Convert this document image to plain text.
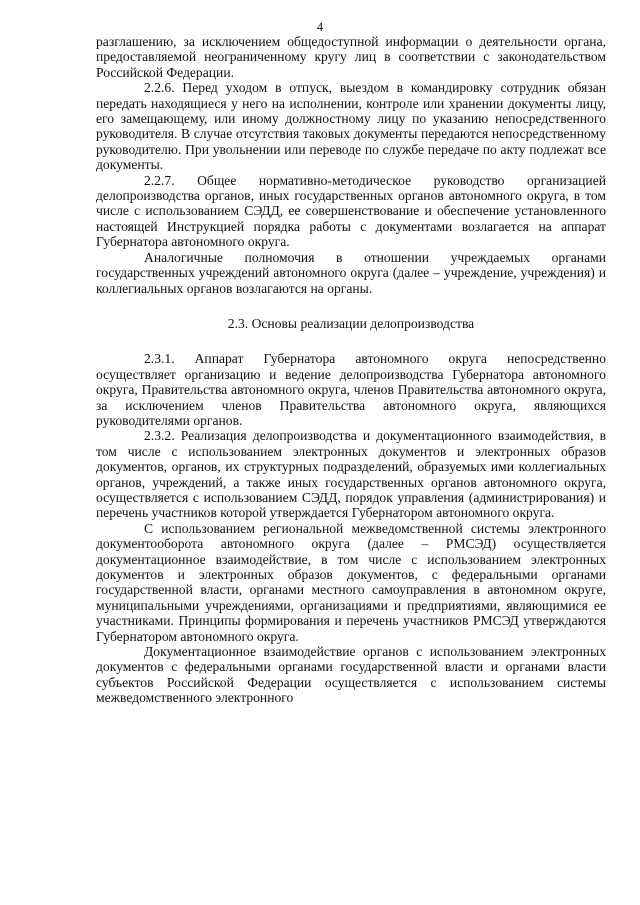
4

разглашению, за исключением общедоступной информации о деятельности органа, предоставляемой неограниченному кругу лиц в соответствии с законодательством Российской Федерации.

2.2.6. Перед уходом в отпуск, выездом в командировку сотрудник обязан передать находящиеся у него на исполнении, контроле или хранении документы лицу, его замещающему, или иному должностному лицу по указанию непосредственного руководителя. В случае отсутствия таковых документы передаются непосредственному руководителю. При увольнении или переводе по службе передаче по акту подлежат все документы.

2.2.7. Общее нормативно-методическое руководство организацией делопроизводства органов, иных государственных органов автономного округа, в том числе с использованием СЭДД, ее совершенствование и обеспечение установленного настоящей Инструкцией порядка работы с документами возлагается на аппарат Губернатора автономного округа.

Аналогичные полномочия в отношении учреждаемых органами государственных учреждений автономного округа (далее – учреждение, учреждения) и коллегиальных органов возлагаются на органы.

2.3. Основы реализации делопроизводства

2.3.1. Аппарат Губернатора автономного округа непосредственно осуществляет организацию и ведение делопроизводства Губернатора автономного округа, Правительства автономного округа, членов Правительства автономного округа, за исключением членов Правительства автономного округа, являющихся руководителями органов.

2.3.2. Реализация делопроизводства и документационного взаимодействия, в том числе с использованием электронных документов и электронных образов документов, органов, их структурных подразделений, образуемых ими коллегиальных органов, учреждений, а также иных государственных органов автономного округа, осуществляется с использованием СЭДД, порядок управления (администрирования) и перечень участников которой утверждается Губернатором автономного округа.

С использованием региональной межведомственной системы электронного документооборота автономного округа (далее – РМСЭД) осуществляется документационное взаимодействие, в том числе с использованием электронных документов и электронных образов документов, с федеральными органами государственной власти, органами местного самоуправления в автономном округе, муниципальными учреждениями, организациями и предприятиями, являющимися ее участниками. Принципы формирования и перечень участников РМСЭД утверждаются Губернатором автономного округа.

Документационное взаимодействие органов с использованием электронных документов с федеральными органами государственной власти и органами власти субъектов Российской Федерации осуществляется с использованием системы межведомственного электронного
